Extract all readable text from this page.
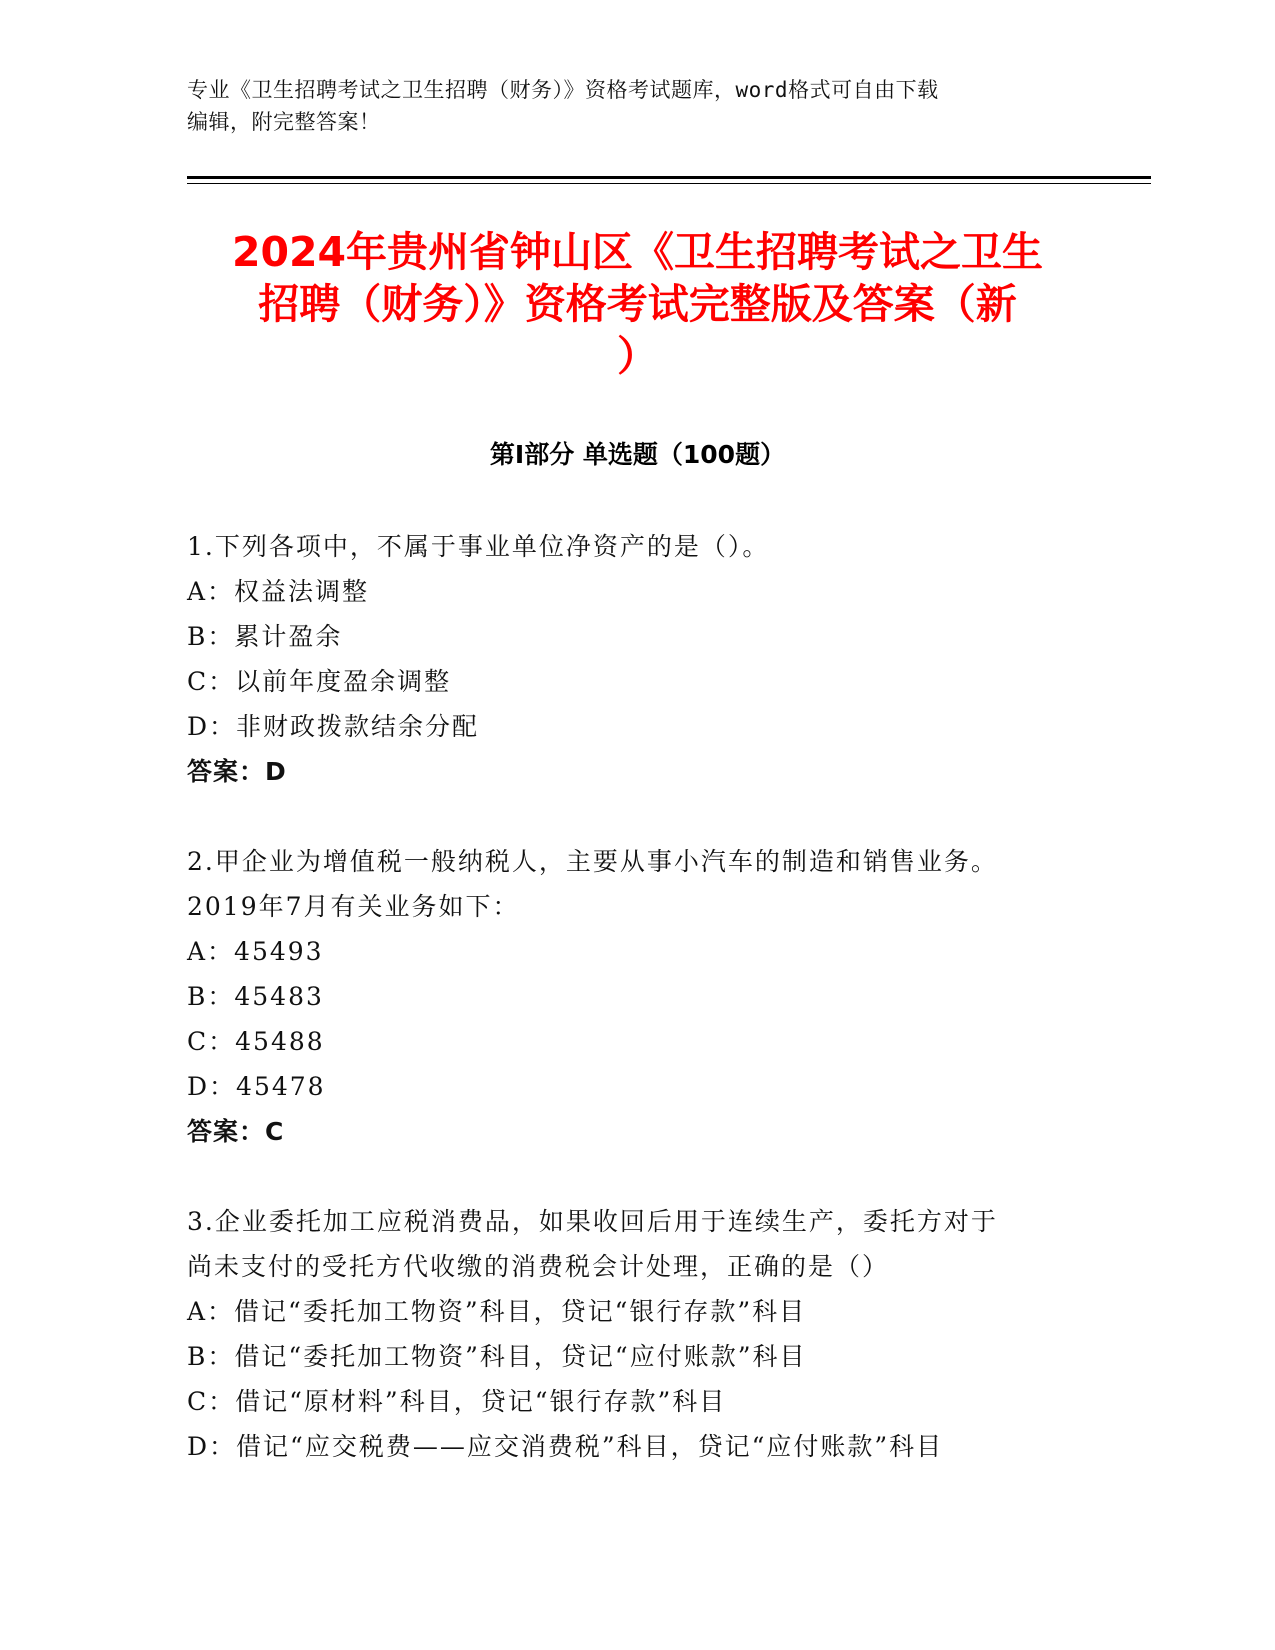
专业《卫生招聘考试之卫生招聘（财务）》资格考试题库，word格式可自由下载
编辑，附完整答案！
2024年贵州省钟山区《卫生招聘考试之卫生
招聘（财务）》资格考试完整版及答案（新
）
第Ⅰ部分 单选题（100题）
1.下列各项中，不属于事业单位净资产的是（）。
A：权益法调整
B：累计盈余
C：以前年度盈余调整
D：非财政拨款结余分配
答案：D
2.甲企业为增值税一般纳税人，主要从事小汽车的制造和销售业务。
2019年7月有关业务如下：
A：45493
B：45483
C：45488
D：45478
答案：C
3.企业委托加工应税消费品，如果收回后用于连续生产，委托方对于
尚未支付的受托方代收缴的消费税会计处理，正确的是（）
A：借记“委托加工物资”科目，贷记“银行存款”科目
B：借记“委托加工物资”科目，贷记“应付账款”科目
C：借记“原材料”科目，贷记“银行存款”科目
D：借记“应交税费——应交消费税”科目，贷记“应付账款”科目
